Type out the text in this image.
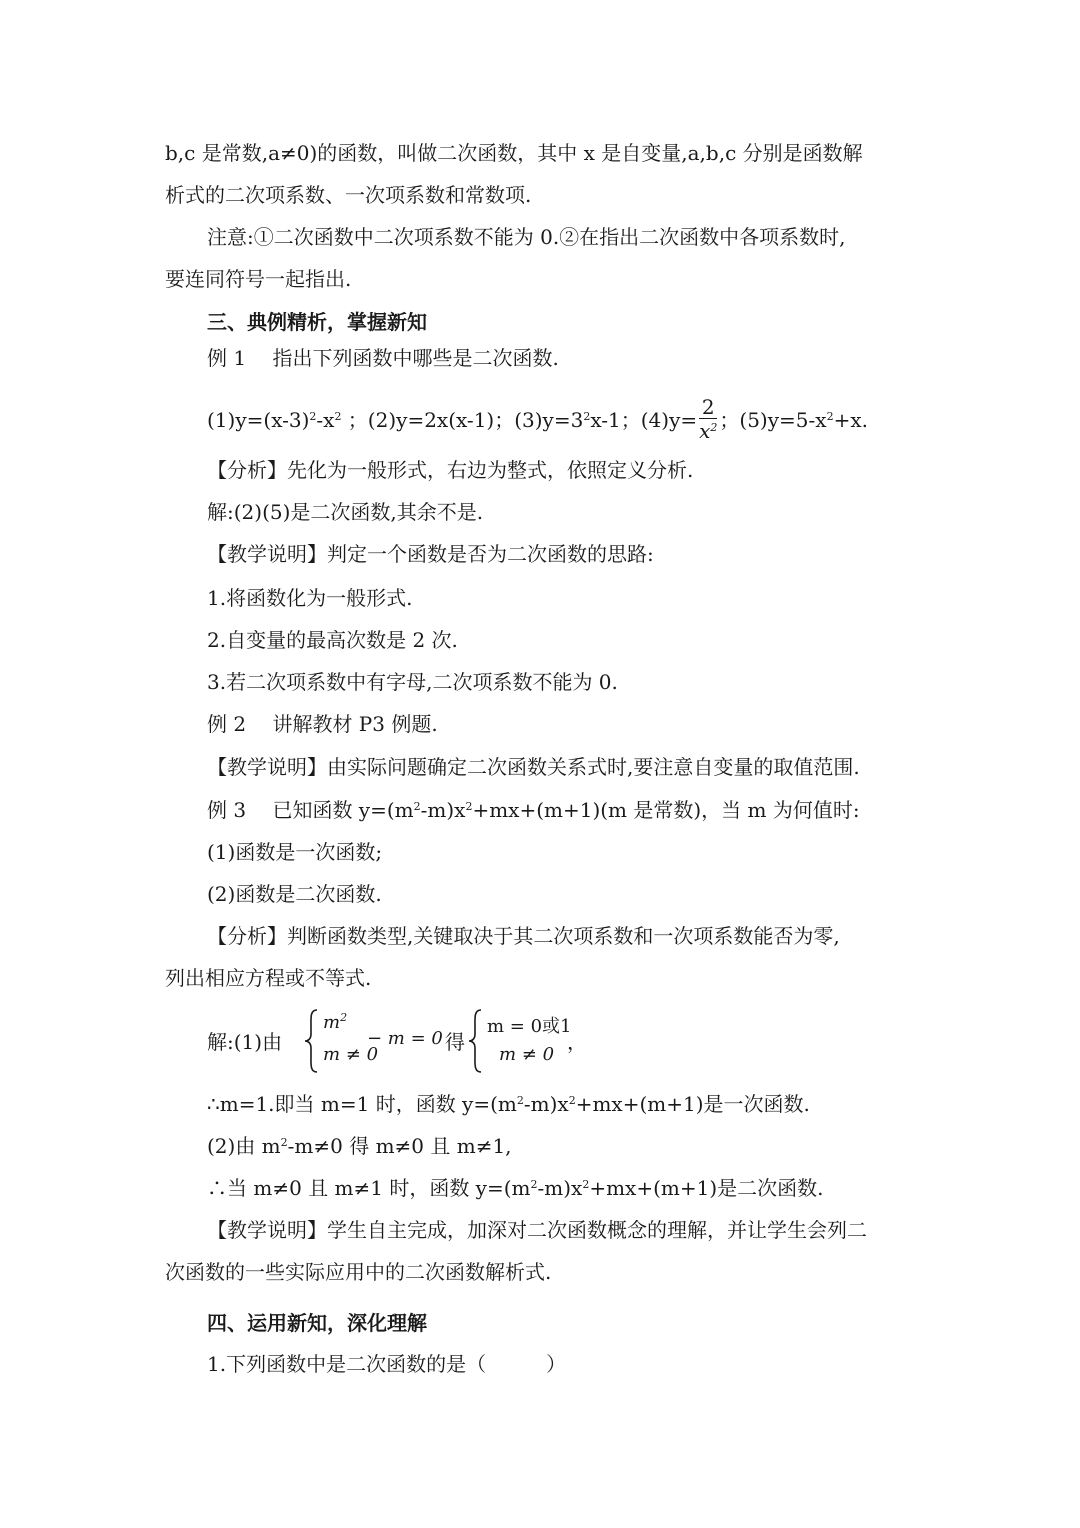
b,c 是常数,a≠0)的函数，叫做二次函数，其中 x 是自变量,a,b,c 分别是函数解
析式的二次项系数、一次项系数和常数项.
注意:①二次函数中二次项系数不能为 0.②在指出二次函数中各项系数时,
要连同符号一起指出.
三、典例精析，掌握新知
例 1　 指出下列函数中哪些是二次函数.
$(1)y=(x-3)^2-x^2$ ；(2)y=2x(x-1)；$(3)y=3^2x-1$；$(4)y= \frac{2}{x^2}$ ；$(5)y=5-x^2+x$.
【分析】先化为一般形式，右边为整式，依照定义分析.
解:(2)(5)是二次函数,其余不是.
【教学说明】判定一个函数是否为二次函数的思路:
1.将函数化为一般形式.
2.自变量的最高次数是 2 次.
3.若二次项系数中有字母,二次项系数不能为 0.
例 2　 讲解教材 P3 例题.
【教学说明】由实际问题确定二次函数关系式时,要注意自变量的取值范围.
例 3　 已知函数 $y=(m^2-m)x^2+mx+(m+1)(m$ 是常数)，当 m 为何值时:
(1)函数是一次函数;
(2)函数是二次函数.
【分析】判断函数类型,关键取决于其二次项系数和一次项系数能否为零,
列出相应方程或不等式.
解:(1)由
$m^2$
− m = 0
m ≠ 0
得
m = 0或1
m ≠ 0
，
∴m=1.即当 m=1 时，函数 $y=(m^2-m)x^2+mx+(m+1)$是一次函数.
(2)由 $m^2-m\ne 0$ 得 m≠0 且 m≠1,
∴当 m≠0 且 m≠1 时，函数 $y=(m^2-m)x^2+mx+(m+1)$是二次函数.
【教学说明】学生自主完成，加深对二次函数概念的理解，并让学生会列二
次函数的一些实际应用中的二次函数解析式.
四、运用新知，深化理解
1.下列函数中是二次函数的是（　　　）
